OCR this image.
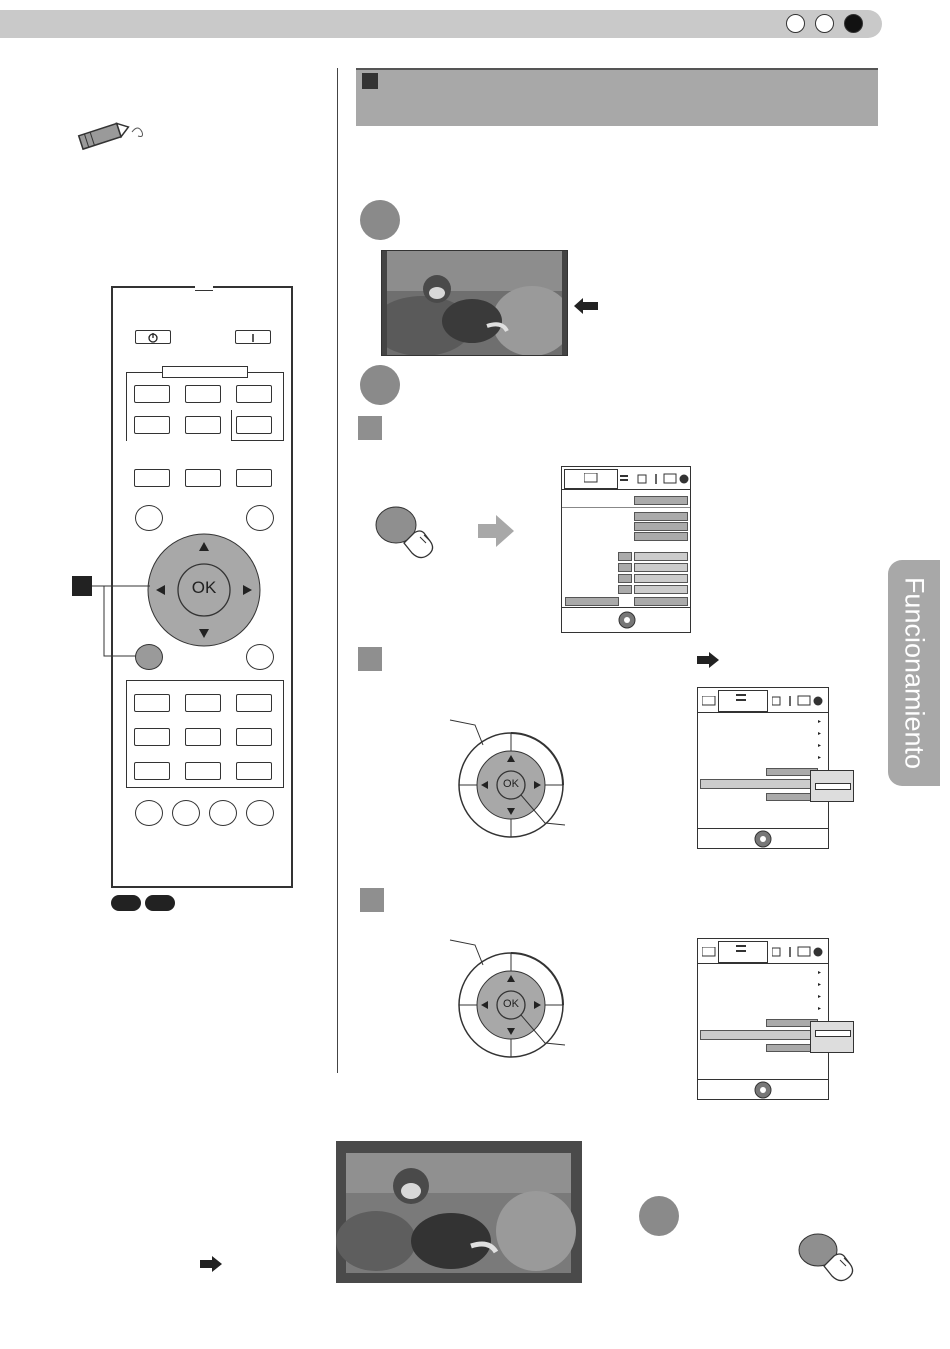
Funcionamiento
OK
OK
▸
▸
▸
▸
OK
▸
▸
▸
▸
